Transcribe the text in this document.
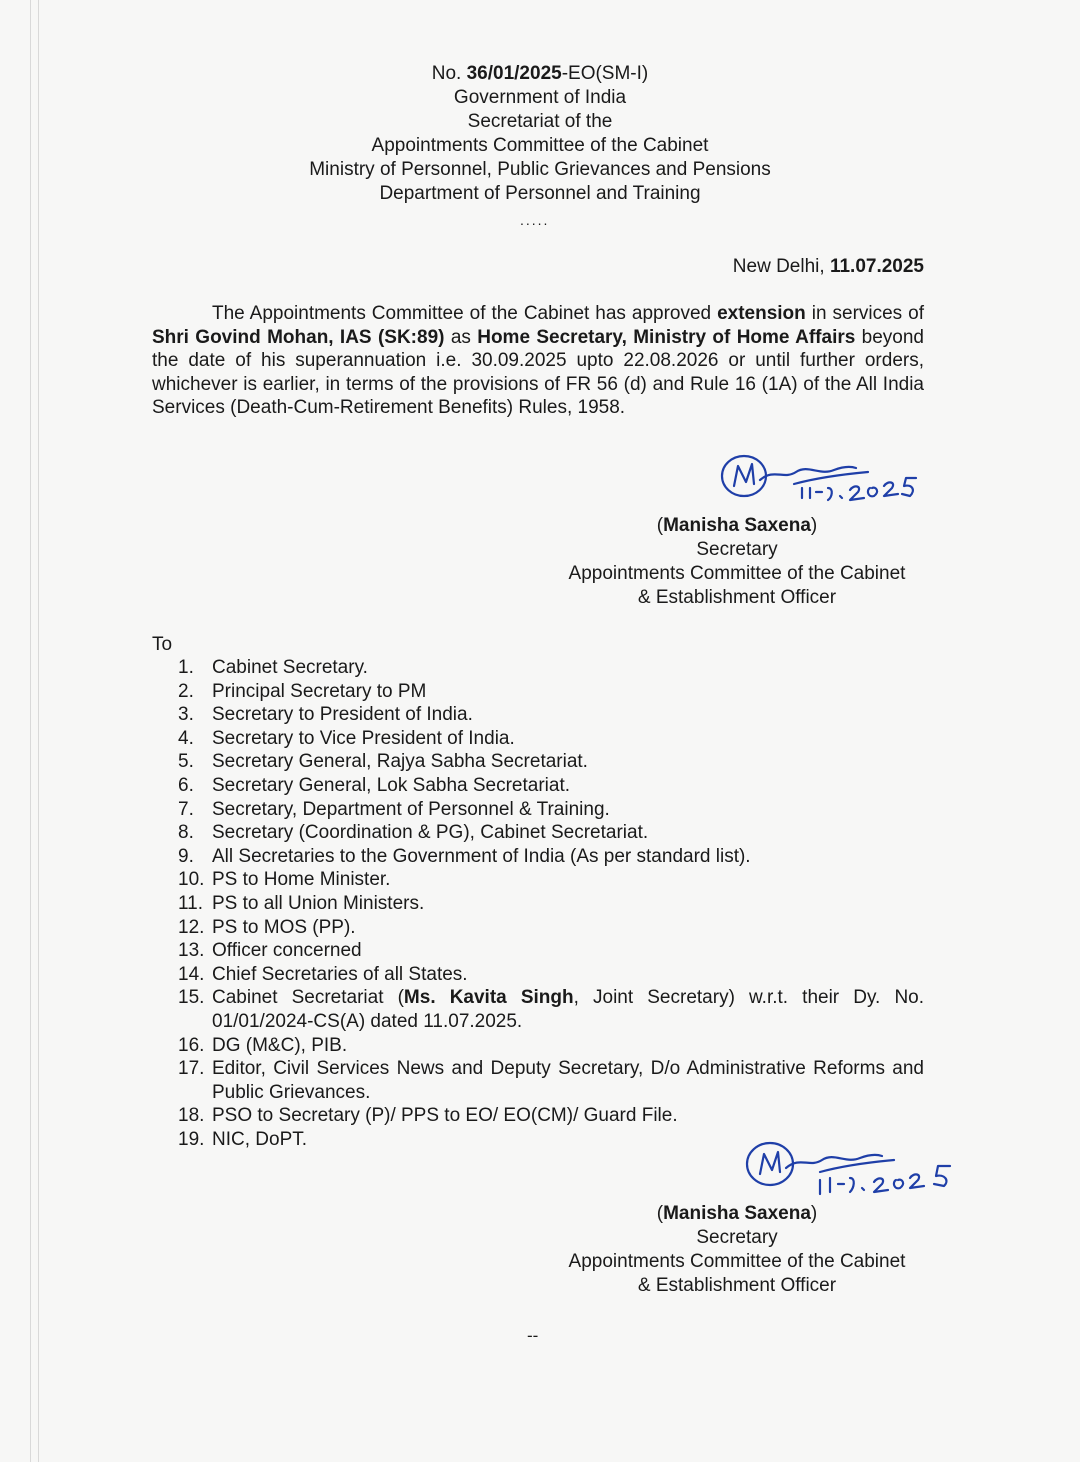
No. 36/01/2025-EO(SM-I)
Government of India
Secretariat of the
Appointments Committee of the Cabinet
Ministry of Personnel, Public Grievances and Pensions
Department of Personnel and Training
.....
New Delhi, 11.07.2025
The Appointments Committee of the Cabinet has approved extension in services of Shri Govind Mohan, IAS (SK:89) as Home Secretary, Ministry of Home Affairs beyond the date of his superannuation i.e. 30.09.2025 upto 22.08.2026 or until further orders, whichever is earlier, in terms of the provisions of FR 56 (d) and Rule 16 (1A) of the All India Services (Death-Cum-Retirement Benefits) Rules, 1958.
(Manisha Saxena)
Secretary
Appointments Committee of the Cabinet
& Establishment Officer
To
1. Cabinet Secretary.
2. Principal Secretary to PM
3. Secretary to President of India.
4. Secretary to Vice President of India.
5. Secretary General, Rajya Sabha Secretariat.
6. Secretary General, Lok Sabha Secretariat.
7. Secretary, Department of Personnel & Training.
8. Secretary (Coordination & PG), Cabinet Secretariat.
9. All Secretaries to the Government of India (As per standard list).
10. PS to Home Minister.
11. PS to all Union Ministers.
12. PS to MOS (PP).
13. Officer concerned
14. Chief Secretaries of all States.
15. Cabinet Secretariat (Ms. Kavita Singh, Joint Secretary) w.r.t. their Dy. No. 01/01/2024-CS(A) dated 11.07.2025.
16. DG (M&C), PIB.
17. Editor, Civil Services News and Deputy Secretary, D/o Administrative Reforms and Public Grievances.
18. PSO to Secretary (P)/ PPS to EO/ EO(CM)/ Guard File.
19. NIC, DoPT.
(Manisha Saxena)
Secretary
Appointments Committee of the Cabinet
& Establishment Officer
--
